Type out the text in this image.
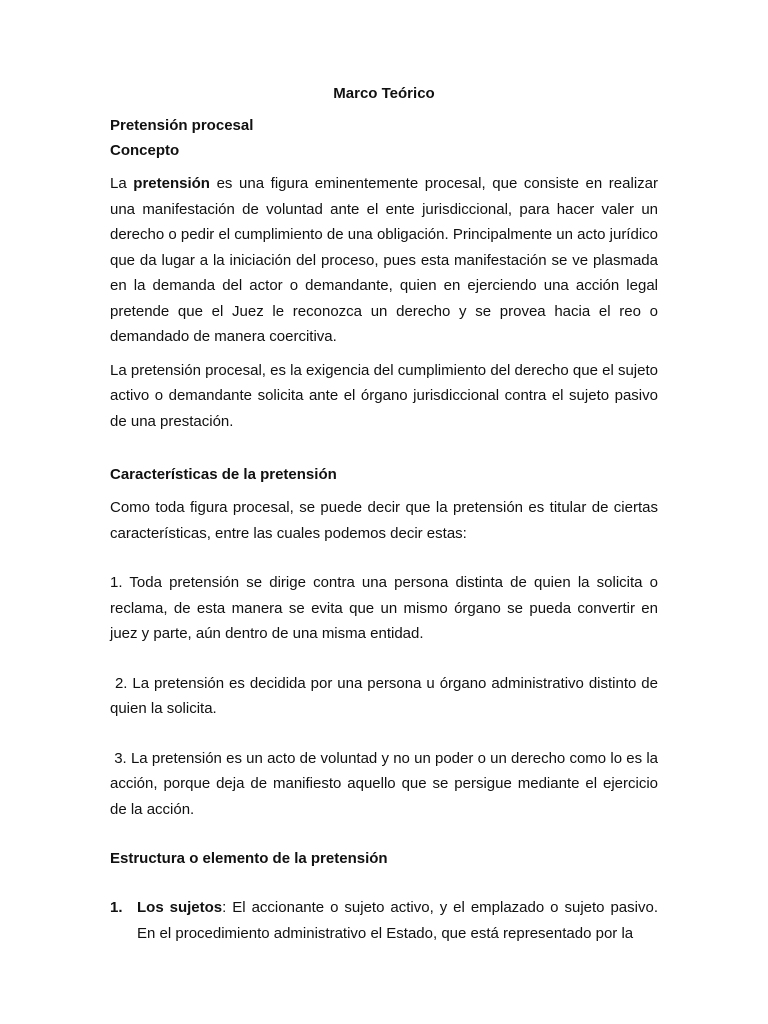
Marco Teórico

Pretensión procesal

Concepto

La pretensión es una figura eminentemente procesal, que consiste en realizar una manifestación de voluntad ante el ente jurisdiccional, para hacer valer un derecho o pedir el cumplimiento de una obligación. Principalmente un acto jurídico que da lugar a la iniciación del proceso, pues esta manifestación se ve plasmada en la demanda del actor o demandante, quien en ejerciendo una acción legal pretende que el Juez le reconozca un derecho y se provea hacia el reo o demandado de manera coercitiva.

La pretensión procesal, es la exigencia del cumplimiento del derecho que el sujeto activo o demandante solicita ante el órgano jurisdiccional contra el sujeto pasivo de una prestación.

Características de la pretensión

Como toda figura procesal, se puede decir que la pretensión es titular de ciertas características, entre las cuales podemos decir estas:

1. Toda pretensión se dirige contra una persona distinta de quien la solicita o reclama, de esta manera se evita que un mismo órgano se pueda convertir en juez y parte, aún dentro de una misma entidad.

2. La pretensión es decidida por una persona u órgano administrativo distinto de quien la solicita.

3. La pretensión es un acto de voluntad y no un poder o un derecho como lo es la acción, porque deja de manifiesto aquello que se persigue mediante el ejercicio de la acción.

Estructura o elemento de la pretensión

1. Los sujetos: El accionante o sujeto activo, y el emplazado o sujeto pasivo. En el procedimiento administrativo el Estado, que está representado por la
